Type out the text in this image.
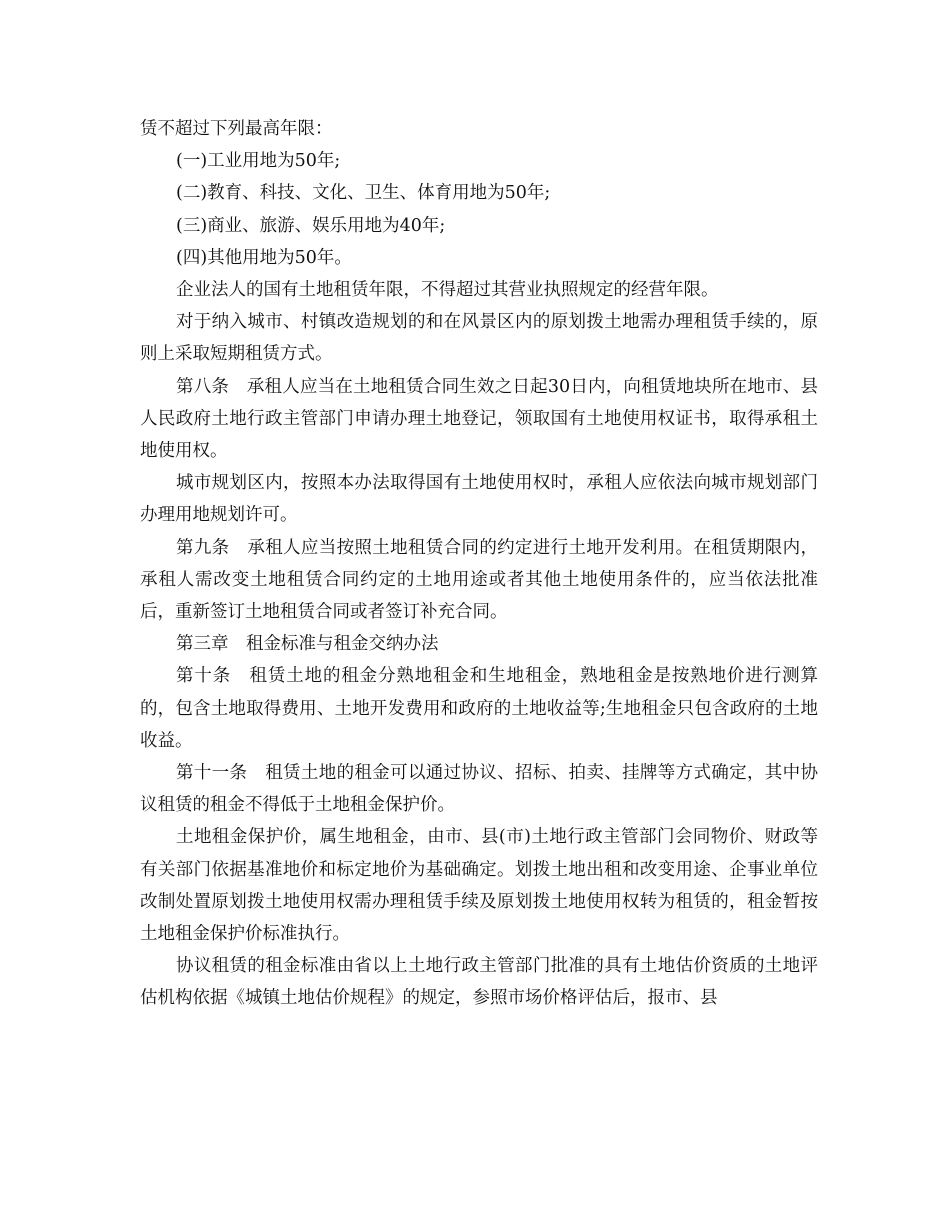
赁不超过下列最高年限：

(一)工业用地为50年;

(二)教育、科技、文化、卫生、体育用地为50年;

(三)商业、旅游、娱乐用地为40年;

(四)其他用地为50年。

企业法人的国有土地租赁年限，不得超过其营业执照规定的经营年限。

对于纳入城市、村镇改造规划的和在风景区内的原划拨土地需办理租赁手续的，原则上采取短期租赁方式。

第八条　承租人应当在土地租赁合同生效之日起30日内，向租赁地块所在地市、县人民政府土地行政主管部门申请办理土地登记，领取国有土地使用权证书，取得承租土地使用权。

城市规划区内，按照本办法取得国有土地使用权时，承租人应依法向城市规划部门办理用地规划许可。

第九条　承租人应当按照土地租赁合同的约定进行土地开发利用。在租赁期限内，承租人需改变土地租赁合同约定的土地用途或者其他土地使用条件的，应当依法批准后，重新签订土地租赁合同或者签订补充合同。

第三章　租金标准与租金交纳办法

第十条　租赁土地的租金分熟地租金和生地租金，熟地租金是按熟地价进行测算的，包含土地取得费用、土地开发费用和政府的土地收益等;生地租金只包含政府的土地收益。

第十一条　租赁土地的租金可以通过协议、招标、拍卖、挂牌等方式确定，其中协议租赁的租金不得低于土地租金保护价。

土地租金保护价，属生地租金，由市、县(市)土地行政主管部门会同物价、财政等有关部门依据基准地价和标定地价为基础确定。划拨土地出租和改变用途、企事业单位改制处置原划拨土地使用权需办理租赁手续及原划拨土地使用权转为租赁的，租金暂按土地租金保护价标准执行。

协议租赁的租金标准由省以上土地行政主管部门批准的具有土地估价资质的土地评估机构依据《城镇土地估价规程》的规定，参照市场价格评估后，报市、县
